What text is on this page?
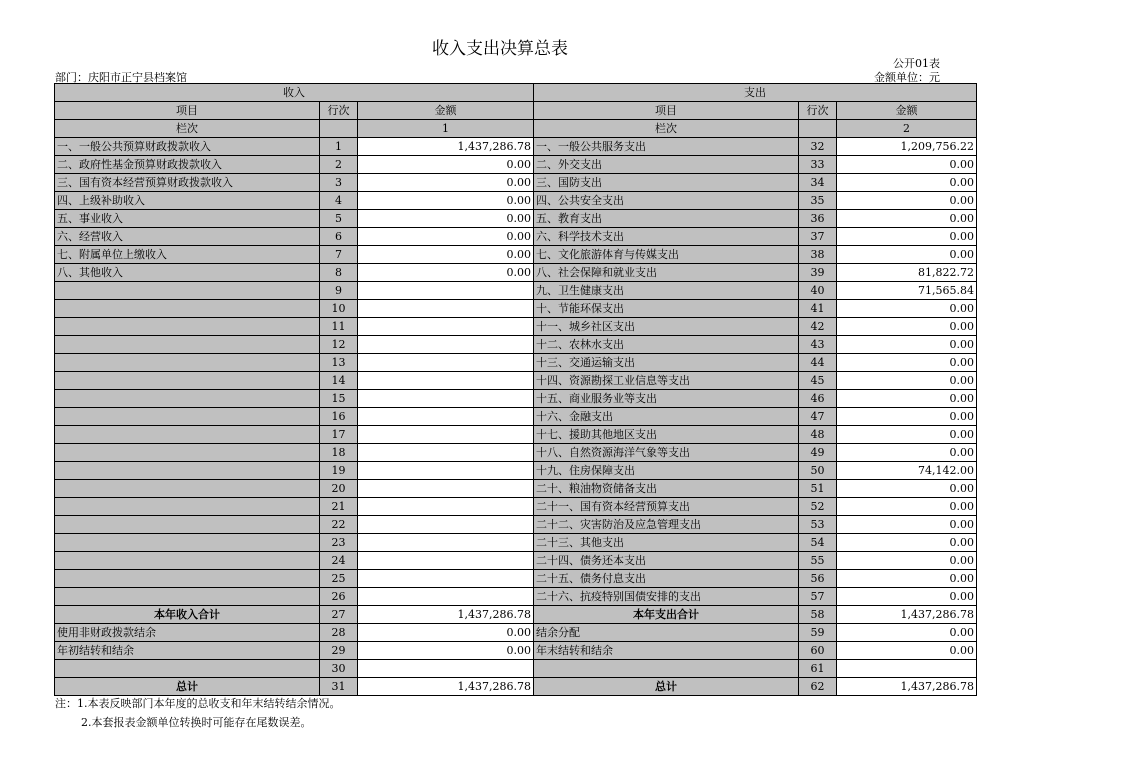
收入支出决算总表
公开01表
部门：庆阳市正宁县档案馆	金额单位：元
收入			支出		
项目	行次	金额	项目	行次	金额
栏次		1	栏次		2
一、一般公共预算财政拨款收入	1	1,437,286.78	一、一般公共服务支出	32	1,209,756.22
二、政府性基金预算财政拨款收入	2	0.00	二、外交支出	33	0.00
三、国有资本经营预算财政拨款收入	3	0.00	三、国防支出	34	0.00
四、上级补助收入	4	0.00	四、公共安全支出	35	0.00
五、事业收入	5	0.00	五、教育支出	36	0.00
六、经营收入	6	0.00	六、科学技术支出	37	0.00
七、附属单位上缴收入	7	0.00	七、文化旅游体育与传媒支出	38	0.00
八、其他收入	8	0.00	八、社会保障和就业支出	39	81,822.72
	9		九、卫生健康支出	40	71,565.84
	10		十、节能环保支出	41	0.00
	11		十一、城乡社区支出	42	0.00
	12		十二、农林水支出	43	0.00
	13		十三、交通运输支出	44	0.00
	14		十四、资源勘探工业信息等支出	45	0.00
	15		十五、商业服务业等支出	46	0.00
	16		十六、金融支出	47	0.00
	17		十七、援助其他地区支出	48	0.00
	18		十八、自然资源海洋气象等支出	49	0.00
	19		十九、住房保障支出	50	74,142.00
	20		二十、粮油物资储备支出	51	0.00
	21		二十一、国有资本经营预算支出	52	0.00
	22		二十二、灾害防治及应急管理支出	53	0.00
	23		二十三、其他支出	54	0.00
	24		二十四、债务还本支出	55	0.00
	25		二十五、债务付息支出	56	0.00
	26		二十六、抗疫特别国债安排的支出	57	0.00
本年收入合计	27	1,437,286.78	本年支出合计	58	1,437,286.78
使用非财政拨款结余	28	0.00	结余分配	59	0.00
年初结转和结余	29	0.00	年末结转和结余	60	0.00
	30			61	
总计	31	1,437,286.78	总计	62	1,437,286.78
注：1.本表反映部门本年度的总收支和年末结转结余情况。
2.本套报表金额单位转换时可能存在尾数误差。
